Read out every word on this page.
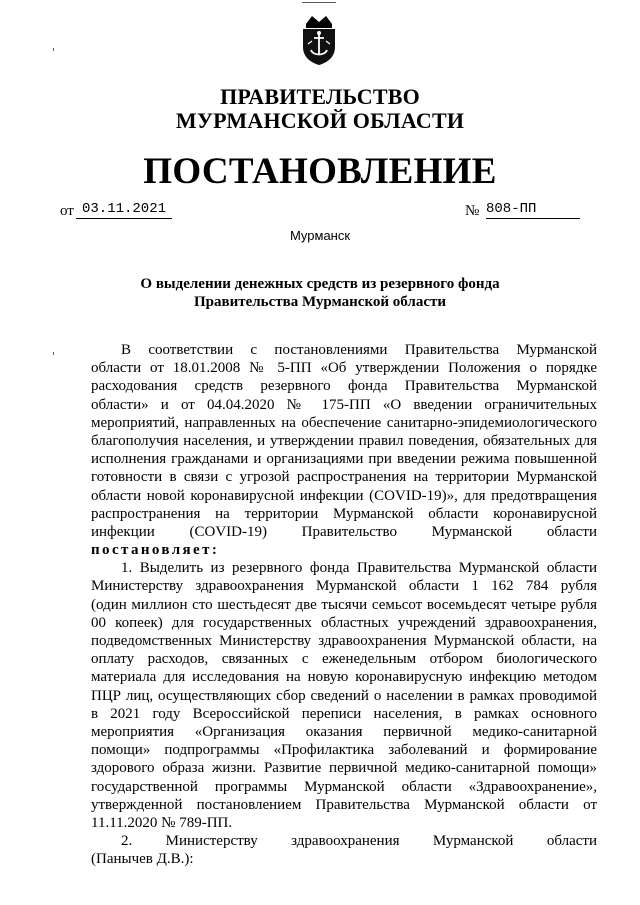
ПРАВИТЕЛЬСТВО
МУРМАНСКОЙ ОБЛАСТИ
ПОСТАНОВЛЕНИЕ
от 03.11.2021	№ 808-ПП
Мурманск
О выделении денежных средств из резервного фонда
Правительства Мурманской области
В соответствии с постановлениями Правительства Мурманской
области от 18.01.2008 № 5-ПП «Об утверждении Положения о порядке
расходования средств резервного фонда Правительства Мурманской
области» и от 04.04.2020 № 175-ПП «О введении ограничительных
мероприятий, направленных на обеспечение санитарно-эпидемиологического
благополучия населения, и утверждении правил поведения, обязательных для
исполнения гражданами и организациями при введении режима повышенной
готовности в связи с угрозой распространения на территории Мурманской
области новой коронавирусной инфекции (COVID-19)», для предотвращения
распространения на территории Мурманской области коронавирусной
инфекции (COVID-19) Правительство Мурманской области
постановляет:
1. Выделить из резервного фонда Правительства Мурманской области
Министерству здравоохранения Мурманской области 1 162 784 рубля
(один миллион сто шестьдесят две тысячи семьсот восемьдесят четыре рубля
00 копеек) для государственных областных учреждений здравоохранения,
подведомственных Министерству здравоохранения Мурманской области, на
оплату расходов, связанных с еженедельным отбором биологического
материала для исследования на новую коронавирусную инфекцию методом
ПЦР лиц, осуществляющих сбор сведений о населении в рамках проводимой
в 2021 году Всероссийской переписи населения, в рамках основного
мероприятия «Организация оказания первичной медико-санитарной
помощи» подпрограммы «Профилактика заболеваний и формирование
здорового образа жизни. Развитие первичной медико-санитарной помощи»
государственной программы Мурманской области «Здравоохранение»,
утвержденной постановлением Правительства Мурманской области от
11.11.2020 № 789-ПП.
2. Министерству здравоохранения Мурманской области
(Панычев Д.В.):
